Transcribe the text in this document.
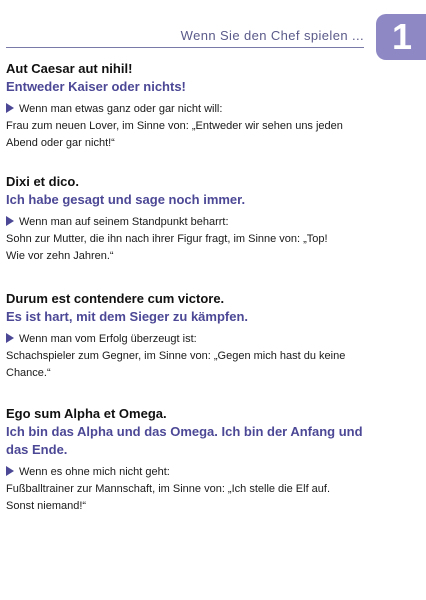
Wenn Sie den Chef spielen ... 1
Aut Caesar aut nihil!
Entweder Kaiser oder nichts!
Wenn man etwas ganz oder gar nicht will:
Frau zum neuen Lover, im Sinne von: „Entweder wir sehen uns jeden
Abend oder gar nicht!“
Dixi et dico.
Ich habe gesagt und sage noch immer.
Wenn man auf seinem Standpunkt beharrt:
Sohn zur Mutter, die ihn nach ihrer Figur fragt, im Sinne von: „Top!
Wie vor zehn Jahren.“
Durum est contendere cum victore.
Es ist hart, mit dem Sieger zu kämpfen.
Wenn man vom Erfolg überzeugt ist:
Schachspieler zum Gegner, im Sinne von: „Gegen mich hast du keine
Chance.“
Ego sum Alpha et Omega.
Ich bin das Alpha und das Omega. Ich bin der Anfang und
das Ende.
Wenn es ohne mich nicht geht:
Fußballtrainer zur Mannschaft, im Sinne von: „Ich stelle die Elf auf.
Sonst niemand!“
